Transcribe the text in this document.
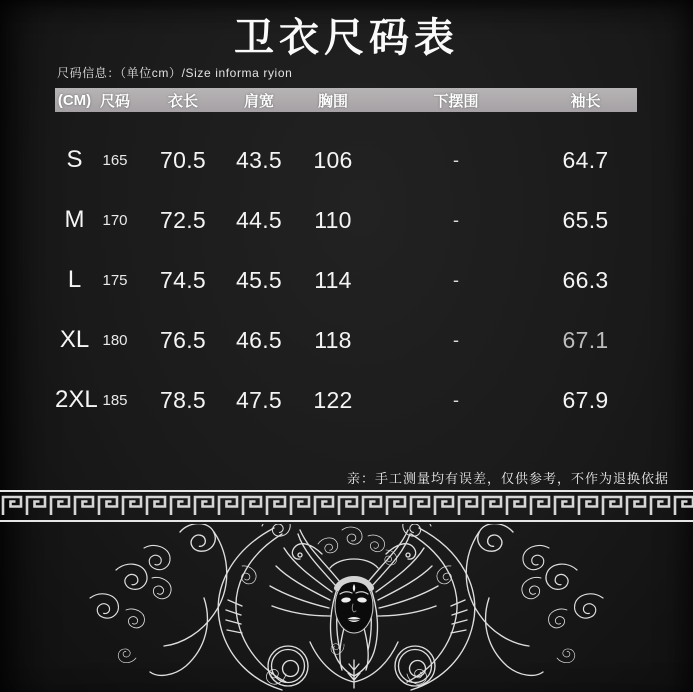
卫衣尺码表
尺码信息：（单位cm）/Size informa ryion
(CM) 尺码	衣长	肩宽	胸围	下摆围	袖长
S	165	70.5	43.5	106	-	64.7
M	170	72.5	44.5	110	-	65.5
L	175	74.5	45.5	114	-	66.3
XL 180	76.5	46.5	118	-	67.1
2XL 185	78.5	47.5	122	-	67.9
亲：手工测量均有误差，仅供参考，不作为退换依据
